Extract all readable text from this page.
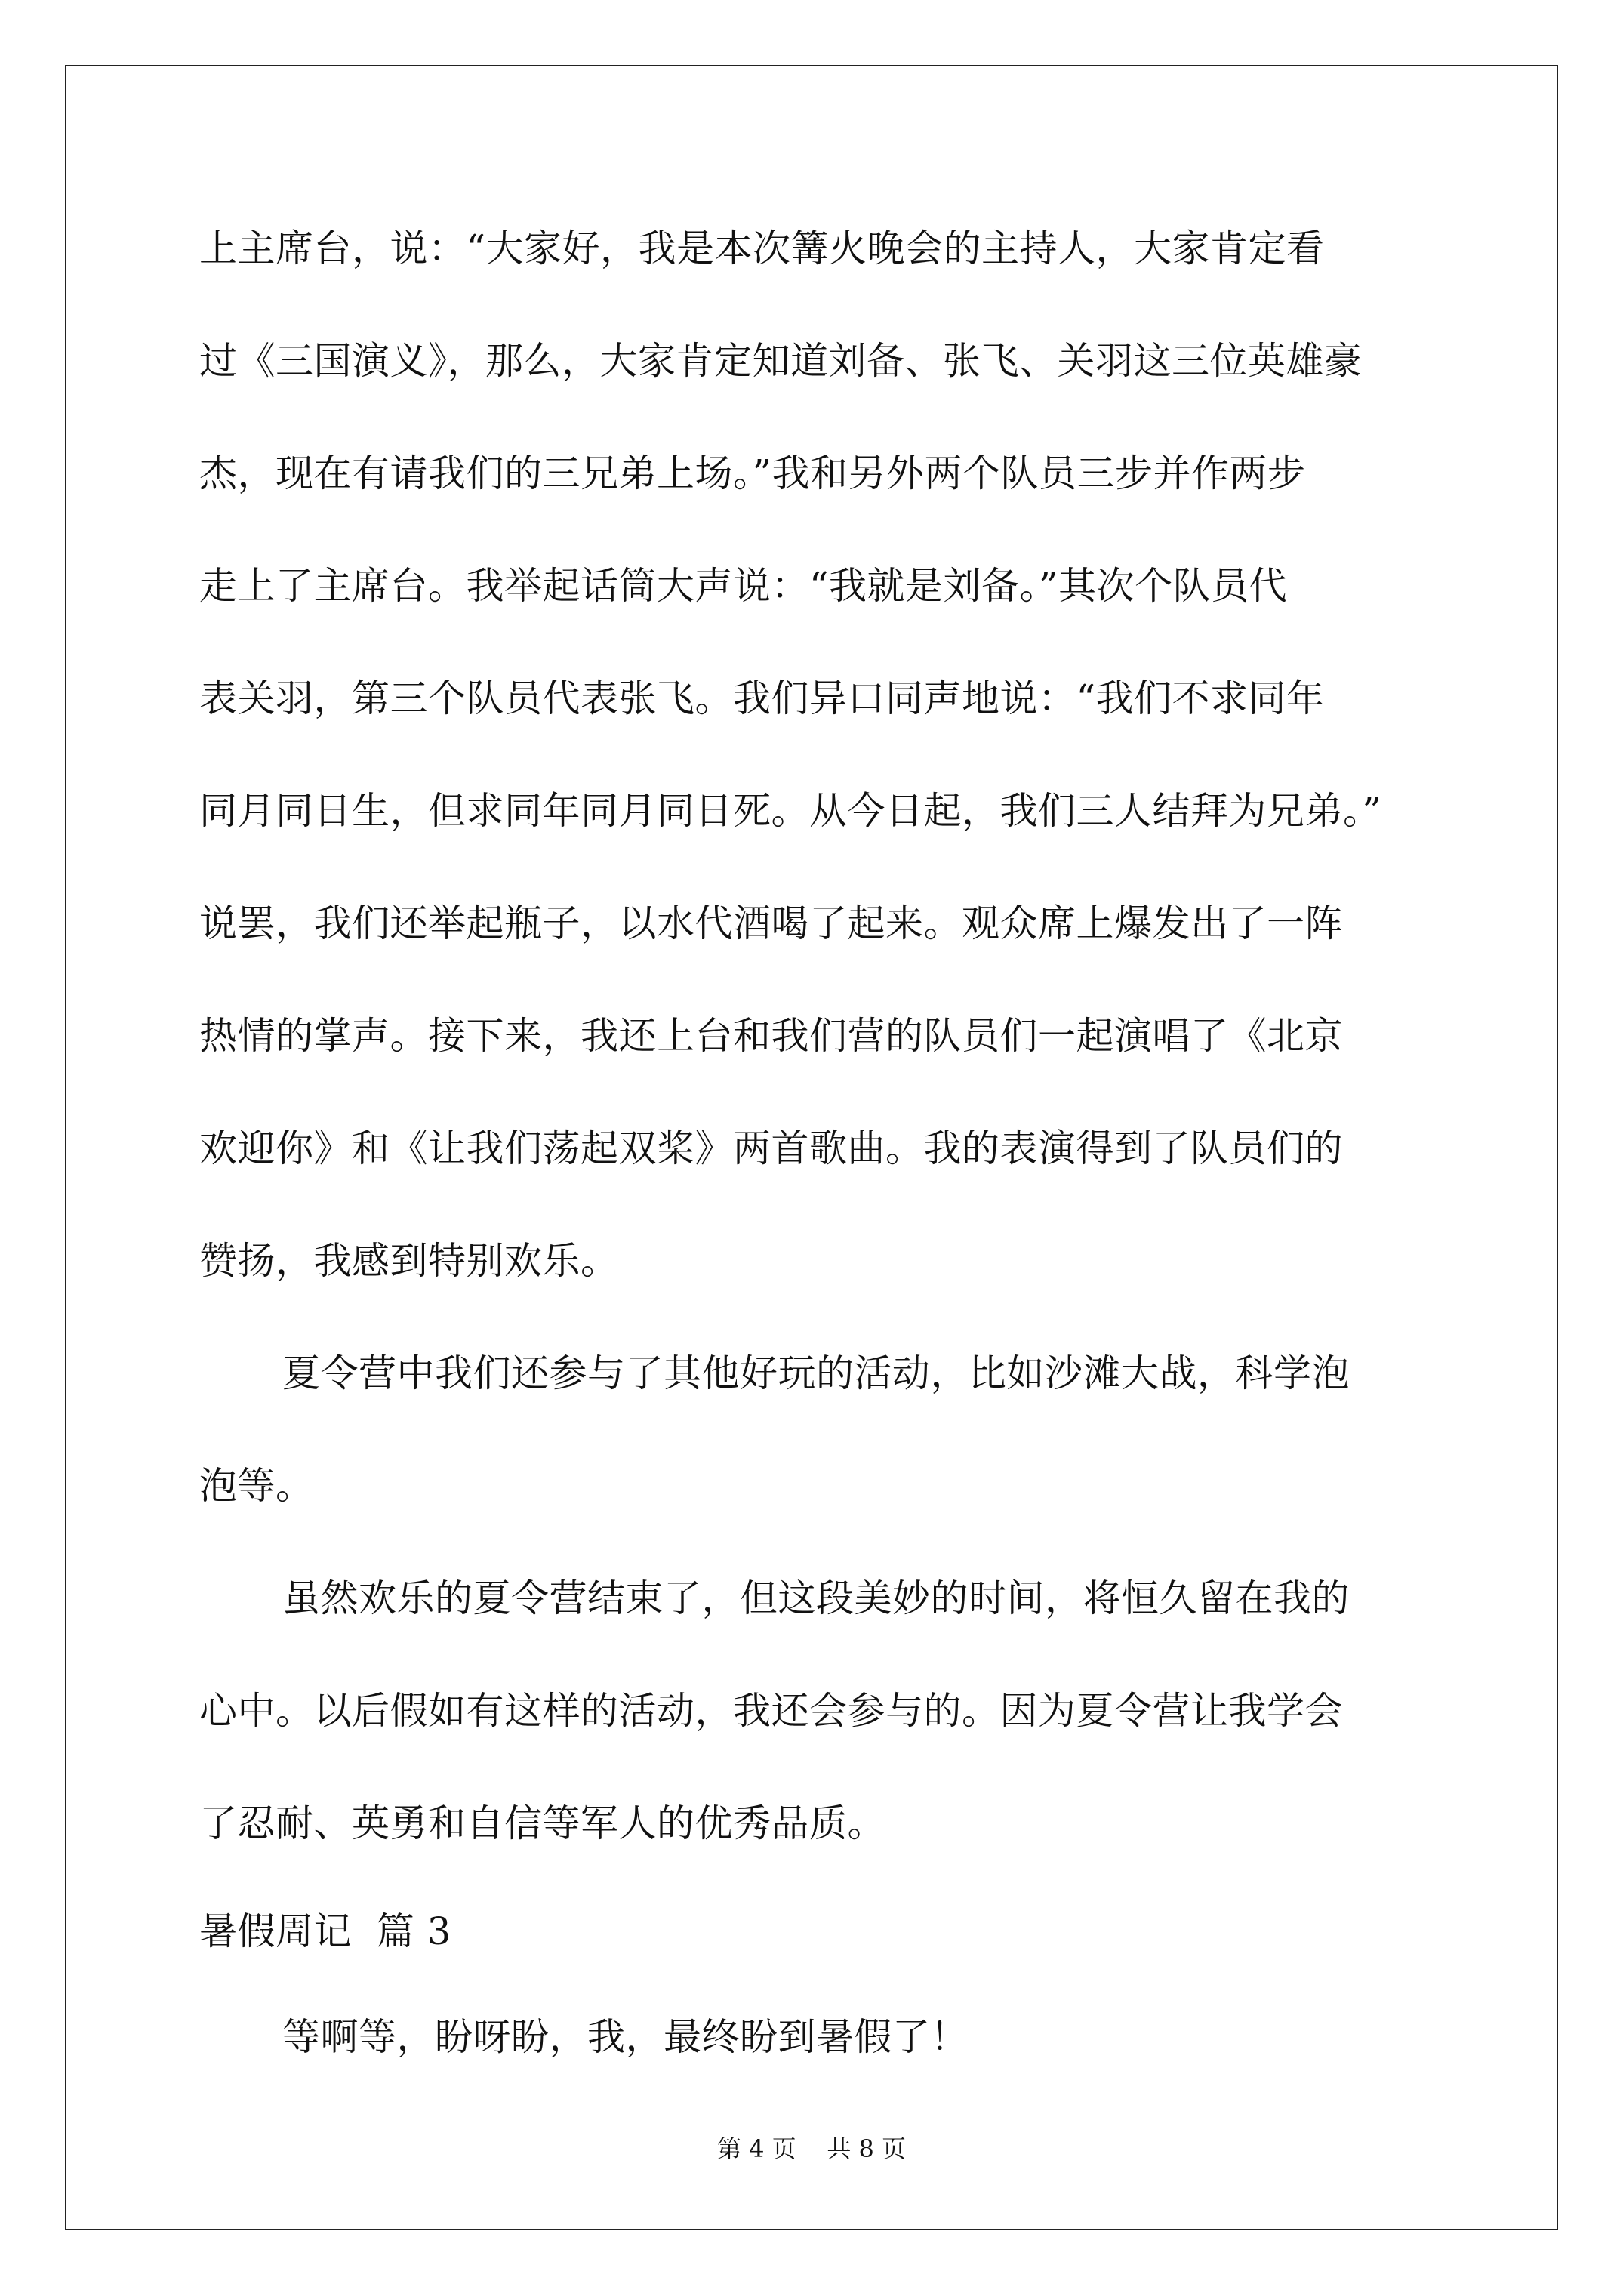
上主席台，说：“大家好，我是本次篝火晚会的主持人，大家肯定看
过《三国演义》，那么，大家肯定知道刘备、张飞、关羽这三位英雄豪
杰，现在有请我们的三兄弟上场。”我和另外两个队员三步并作两步
走上了主席台。我举起话筒大声说：“我就是刘备。”其次个队员代
表关羽，第三个队员代表张飞。我们异口同声地说：“我们不求同年
同月同日生，但求同年同月同日死。从今日起，我们三人结拜为兄弟。”
说罢，我们还举起瓶子，以水代酒喝了起来。观众席上爆发出了一阵
热情的掌声。接下来，我还上台和我们营的队员们一起演唱了《北京
欢迎你》和《让我们荡起双桨》两首歌曲。我的表演得到了队员们的
赞扬，我感到特别欢乐。
夏令营中我们还参与了其他好玩的活动，比如沙滩大战，科学泡
泡等。
虽然欢乐的夏令营结束了，但这段美妙的时间，将恒久留在我的
心中。以后假如有这样的活动，我还会参与的。因为夏令营让我学会
了忍耐、英勇和自信等军人的优秀品质。
暑假周记  篇 3
等啊等，盼呀盼，我，最终盼到暑假了！
第 4 页    共 8 页
